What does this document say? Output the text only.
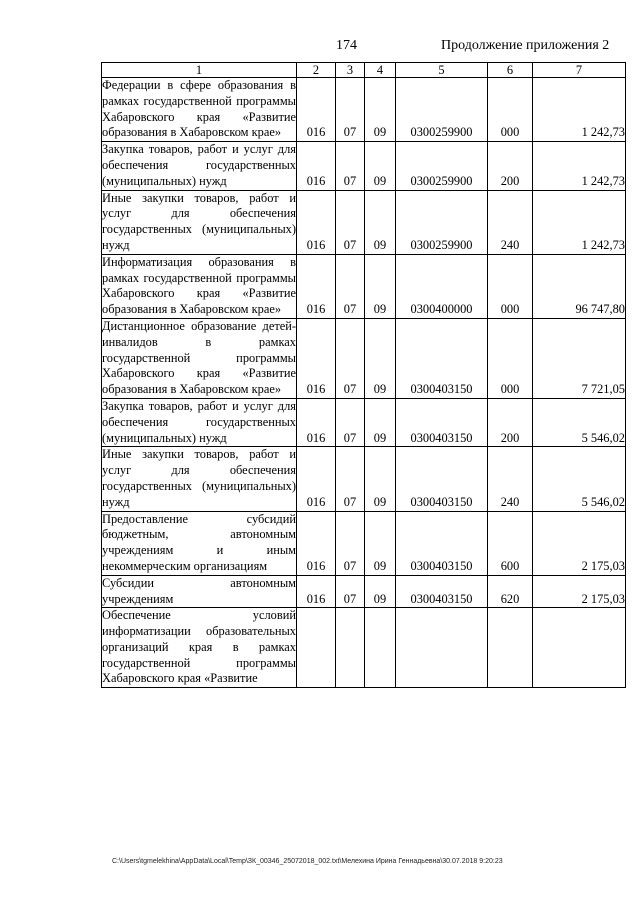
174	Продолжение приложения 2
1	2	3	4	5	6	7
Федерации в сфере образования в рамках государственной программы Хабаровского края «Развитие образования в Хабаровском крае»	016	07	09	0300259900	000	1 242,73
Закупка товаров, работ и услуг для обеспечения государственных (муниципальных) нужд	016	07	09	0300259900	200	1 242,73
Иные закупки товаров, работ и услуг для обеспечения государственных (муниципальных) нужд	016	07	09	0300259900	240	1 242,73
Информатизация образования в рамках государственной программы Хабаровского края «Развитие образования в Хабаровском крае»	016	07	09	0300400000	000	96 747,80
Дистанционное образование детей-инвалидов в рамках государственной программы Хабаровского края «Развитие образования в Хабаровском крае»	016	07	09	0300403150	000	7 721,05
Закупка товаров, работ и услуг для обеспечения государственных (муниципальных) нужд	016	07	09	0300403150	200	5 546,02
Иные закупки товаров, работ и услуг для обеспечения государственных (муниципальных) нужд	016	07	09	0300403150	240	5 546,02
Предоставление субсидий бюджетным, автономным учреждениям и иным некоммерческим организациям	016	07	09	0300403150	600	2 175,03
Субсидии автономным учреждениям	016	07	09	0300403150	620	2 175,03
Обеспечение условий информатизации образовательных организаций края в рамках государственной программы Хабаровского края «Развитие						
C:\Users\tgmelekhina\AppData\Local\Temp\ЗК_00346_25072018_002.txt\Мелехина Ирина Геннадьевна\30.07.2018 9:20:23
